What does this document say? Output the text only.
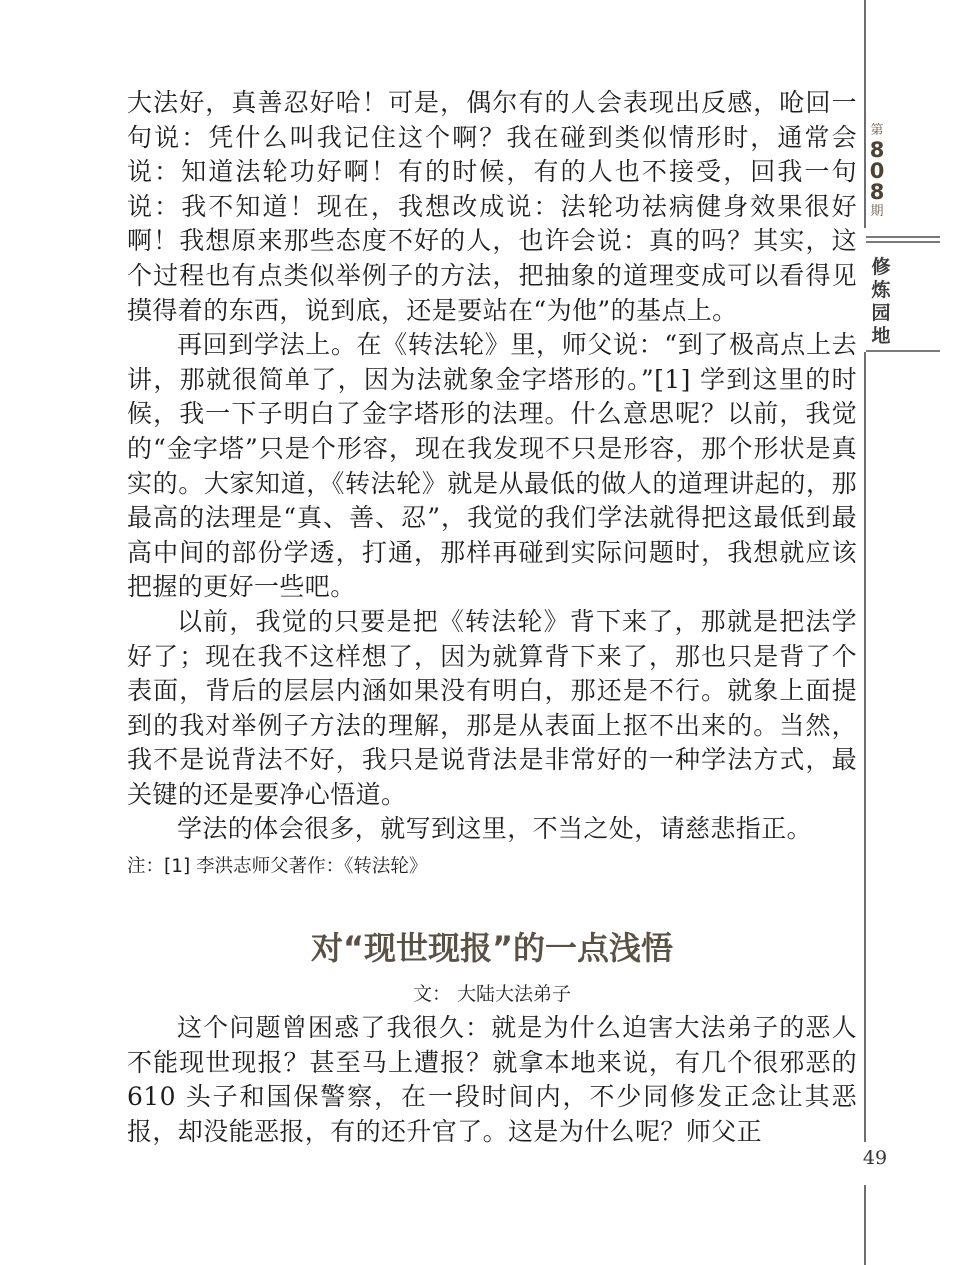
第
8
0
8
期
修
炼
园
地

大法好，真善忍好哈！可是，偶尔有的人会表现出反感，呛回一句说：凭什么叫我记住这个啊？我在碰到类似情形时，通常会说：知道法轮功好啊！有的时候，有的人也不接受，回我一句说：我不知道！现在，我想改成说：法轮功祛病健身效果很好啊！我想原来那些态度不好的人，也许会说：真的吗？其实，这个过程也有点类似举例子的方法，把抽象的道理变成可以看得见摸得着的东西，说到底，还是要站在“为他”的基点上。

再回到学法上。在《转法轮》里，师父说：“到了极高点上去讲，那就很简单了，因为法就象金字塔形的。”[1] 学到这里的时候，我一下子明白了金字塔形的法理。什么意思呢？以前，我觉的“金字塔”只是个形容，现在我发现不只是形容，那个形状是真实的。大家知道，《转法轮》就是从最低的做人的道理讲起的，那最高的法理是“真、善、忍”，我觉的我们学法就得把这最低到最高中间的部份学透，打通，那样再碰到实际问题时，我想就应该把握的更好一些吧。

以前，我觉的只要是把《转法轮》背下来了，那就是把法学好了；现在我不这样想了，因为就算背下来了，那也只是背了个表面，背后的层层内涵如果没有明白，那还是不行。就象上面提到的我对举例子方法的理解，那是从表面上抠不出来的。当然，我不是说背法不好，我只是说背法是非常好的一种学法方式，最关键的还是要净心悟道。

学法的体会很多，就写到这里，不当之处，请慈悲指正。

注：[1] 李洪志师父著作：《转法轮》

对“现世现报”的一点浅悟
文： 大陆大法弟子

这个问题曾困惑了我很久：就是为什么迫害大法弟子的恶人不能现世现报？甚至马上遭报？就拿本地来说，有几个很邪恶的 610 头子和国保警察，在一段时间内，不少同修发正念让其恶报，却没能恶报，有的还升官了。这是为什么呢？师父正

49
